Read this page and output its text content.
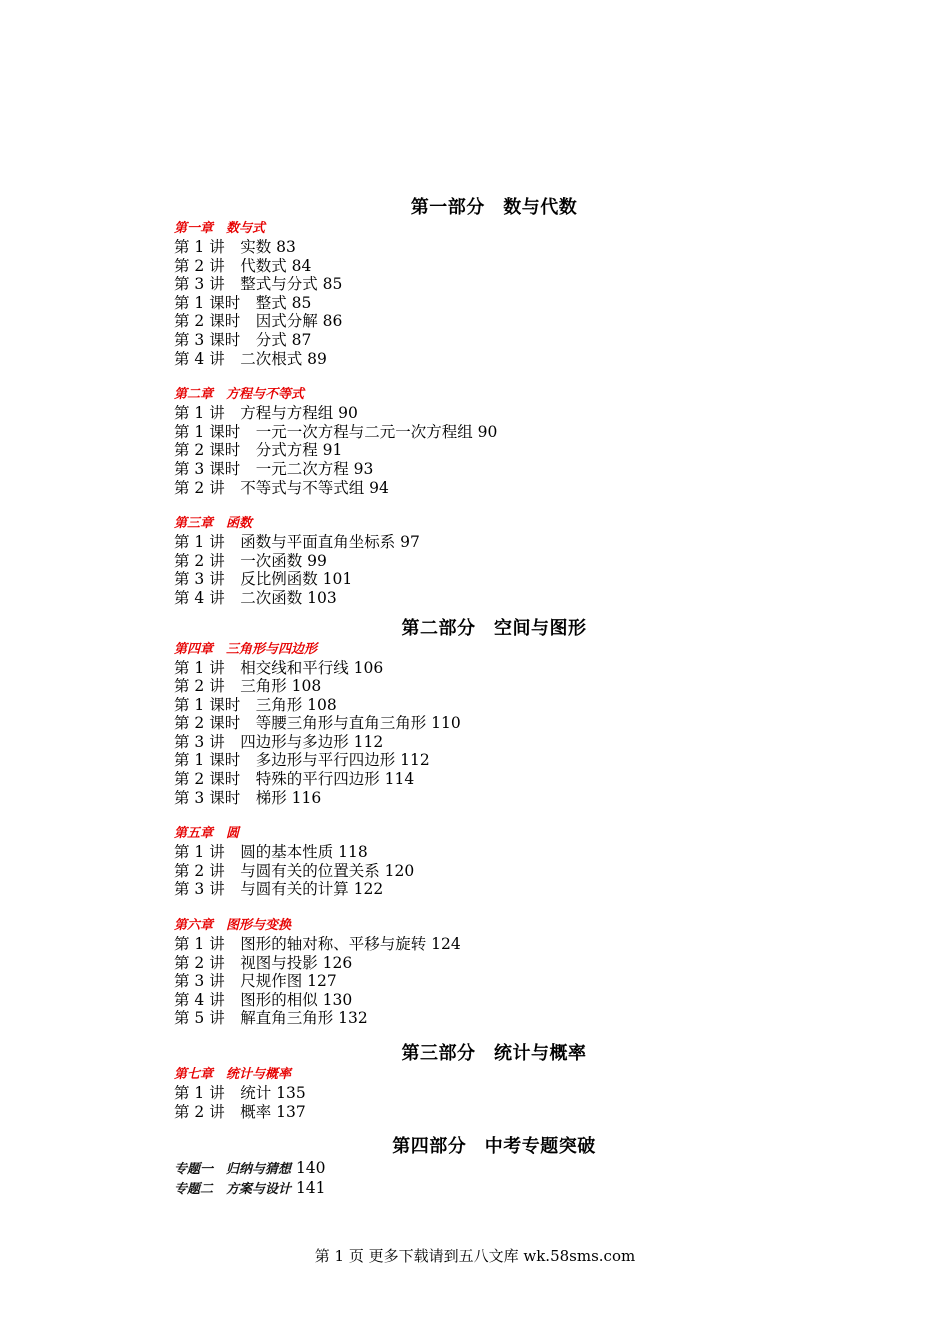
第一部分　数与代数
第一章　数与式
第 1 讲　实数 83
第 2 讲　代数式 84
第 3 讲　整式与分式 85
第 1 课时　整式 85
第 2 课时　因式分解 86
第 3 课时　分式 87
第 4 讲　二次根式 89
第二章　方程与不等式
第 1 讲　方程与方程组 90
第 1 课时　一元一次方程与二元一次方程组 90
第 2 课时　分式方程 91
第 3 课时　一元二次方程 93
第 2 讲　不等式与不等式组 94
第三章　函数
第 1 讲　函数与平面直角坐标系 97
第 2 讲　一次函数 99
第 3 讲　反比例函数 101
第 4 讲　二次函数 103
第二部分　空间与图形
第四章　三角形与四边形
第 1 讲　相交线和平行线 106
第 2 讲　三角形 108
第 1 课时　三角形 108
第 2 课时　等腰三角形与直角三角形 110
第 3 讲　四边形与多边形 112
第 1 课时　多边形与平行四边形 112
第 2 课时　特殊的平行四边形 114
第 3 课时　梯形 116
第五章　圆
第 1 讲　圆的基本性质 118
第 2 讲　与圆有关的位置关系 120
第 3 讲　与圆有关的计算 122
第六章　图形与变换
第 1 讲　图形的轴对称、平移与旋转 124
第 2 讲　视图与投影 126
第 3 讲　尺规作图 127
第 4 讲　图形的相似 130
第 5 讲　解直角三角形 132
第三部分　统计与概率
第七章　统计与概率
第 1 讲　统计 135
第 2 讲　概率 137
第四部分　中考专题突破
专题一　归纳与猜想 140
专题二　方案与设计 141
第 1 页 更多下载请到五八文库 wk.58sms.com
